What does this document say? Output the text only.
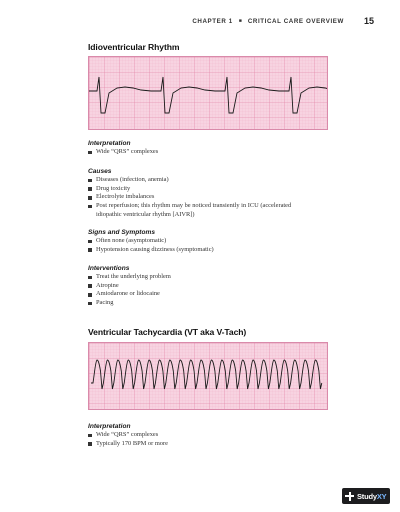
CHAPTER 1 ■ CRITICAL CARE OVERVIEW 15
Idioventricular Rhythm
Interpretation
Wide “QRS” complexes
Causes
Diseases (infection, anemia)
Drug toxicity
Electrolyte imbalances
Post reperfusion; this rhythm may be noticed transiently in ICU (accelerated
idiopathic ventricular rhythm [AIVR])
Signs and Symptoms
Often none (asymptomatic)
Hypotension causing dizziness (symptomatic)
Interventions
Treat the underlying problem
Atropine
Amiodarone or lidocaine
Pacing
Ventricular Tachycardia (VT aka V-Tach)
Interpretation
Wide “QRS” complexes
Typically 170 BPM or more
StudyXY
